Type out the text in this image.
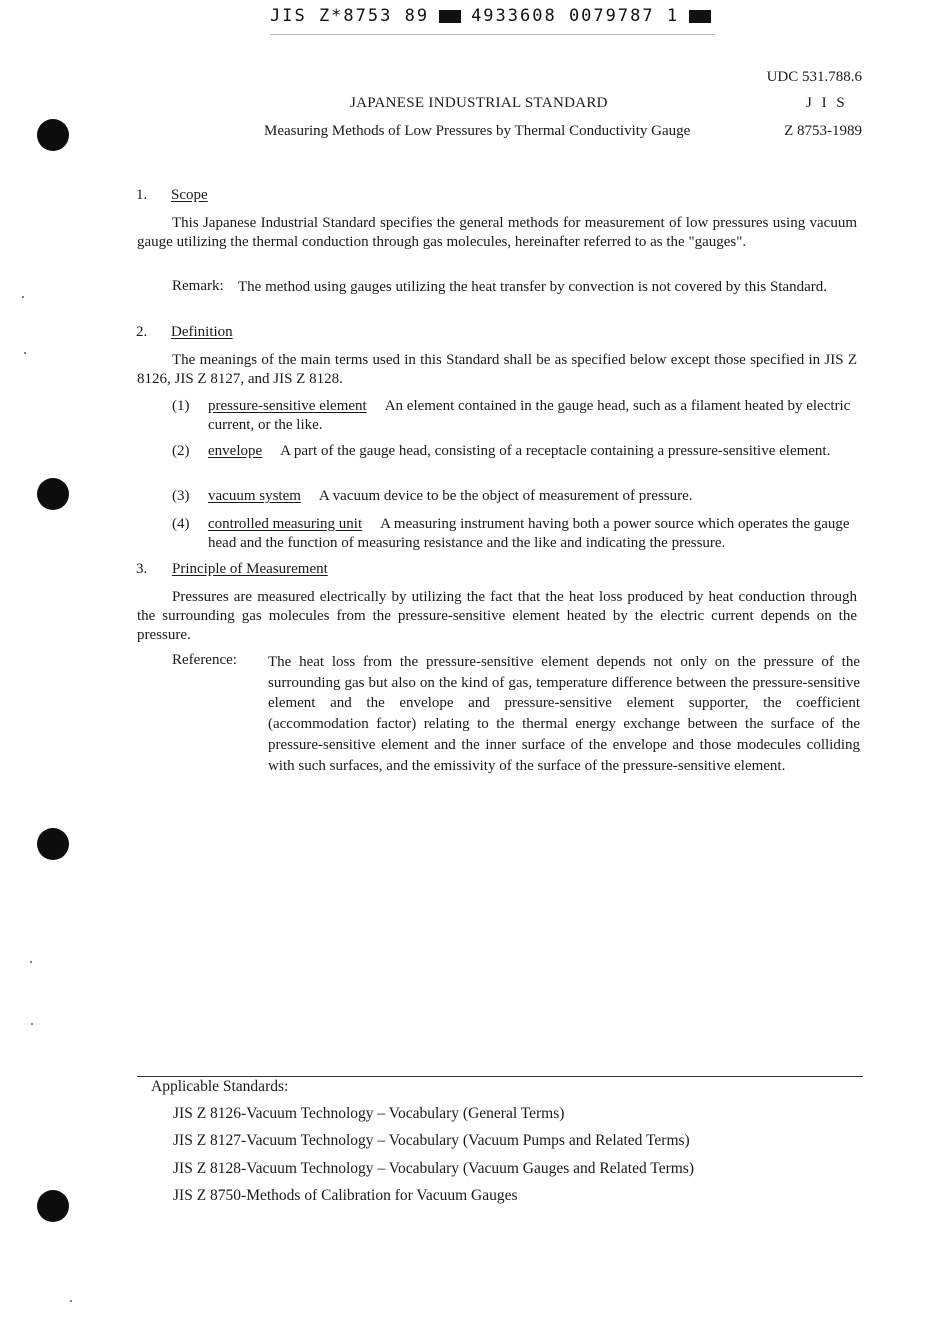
JIS Z*8753 89 4933608 0079787 1
UDC 531.788.6
J I S
Z 8753-1989
JAPANESE INDUSTRIAL STANDARD
Measuring Methods of Low Pressures by Thermal Conductivity Gauge
1. Scope

This Japanese Industrial Standard specifies the general methods for measurement of low pressures using vacuum gauge utilizing the thermal conduction through gas molecules, hereinafter referred to as the "gauges".

Remark: The method using gauges utilizing the heat transfer by convection is not covered by this Standard.
2. Definition

The meanings of the main terms used in this Standard shall be as specified below except those specified in JIS Z 8126, JIS Z 8127, and JIS Z 8128.

(1) pressure-sensitive element An element contained in the gauge head, such as a filament heated by electric current, or the like.
(2) envelope A part of the gauge head, consisting of a receptacle containing a pressure-sensitive element.
(3) vacuum system A vacuum device to be the object of measurement of pressure.
(4) controlled measuring unit A measuring instrument having both a power source which operates the gauge head and the function of measuring resistance and the like and indicating the pressure.
3. Principle of Measurement

Pressures are measured electrically by utilizing the fact that the heat loss produced by heat conduction through the surrounding gas molecules from the pressure-sensitive element heated by the electric current depends on the pressure.

Reference: The heat loss from the pressure-sensitive element depends not only on the pressure of the surrounding gas but also on the kind of gas, temperature difference between the pressure-sensitive element and the envelope and pressure-sensitive element supporter, the coefficient (accommodation factor) relating to the thermal energy exchange between the surface of the pressure-sensitive element and the inner surface of the envelope and those modecules colliding with such surfaces, and the emissivity of the surface of the pressure-sensitive element.
Applicable Standards:
JIS Z 8126-Vacuum Technology – Vocabulary (General Terms)
JIS Z 8127-Vacuum Technology – Vocabulary (Vacuum Pumps and Related Terms)
JIS Z 8128-Vacuum Technology – Vocabulary (Vacuum Gauges and Related Terms)
JIS Z 8750-Methods of Calibration for Vacuum Gauges
